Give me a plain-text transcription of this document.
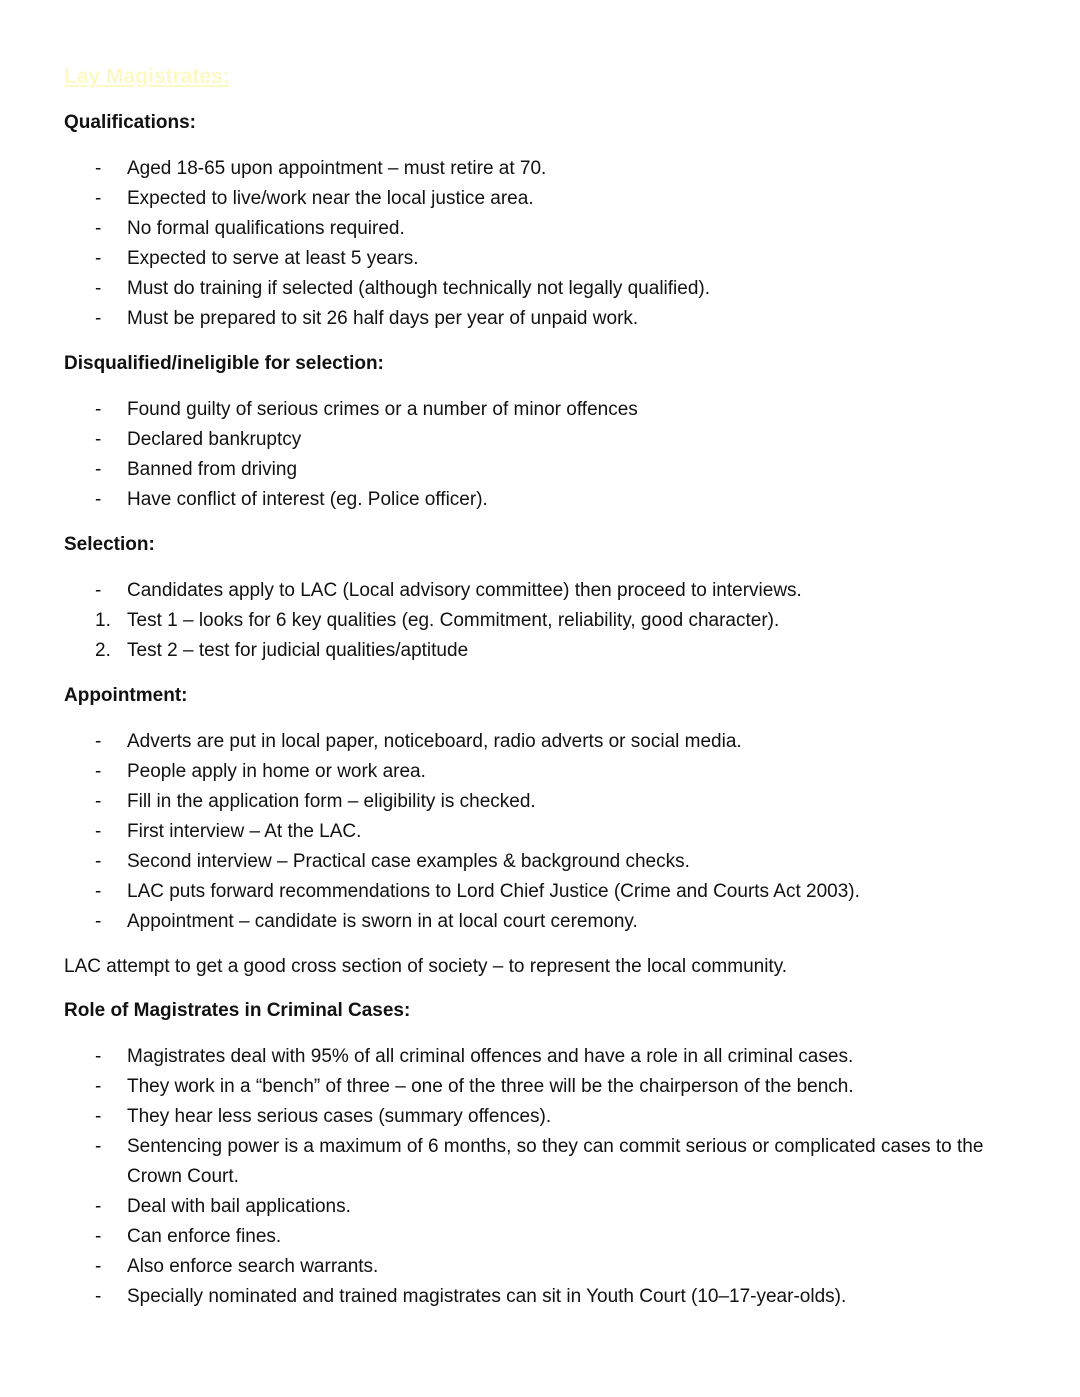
Lay Magistrates:
Qualifications:
-	Aged 18-65 upon appointment – must retire at 70.
-	Expected to live/work near the local justice area.
-	No formal qualifications required.
-	Expected to serve at least 5 years.
-	Must do training if selected (although technically not legally qualified).
-	Must be prepared to sit 26 half days per year of unpaid work.
Disqualified/ineligible for selection:
-	Found guilty of serious crimes or a number of minor offences
-	Declared bankruptcy
-	Banned from driving
-	Have conflict of interest (eg. Police officer).
Selection:
-	Candidates apply to LAC (Local advisory committee) then proceed to interviews.
1. Test 1 – looks for 6 key qualities (eg. Commitment, reliability, good character).
2. Test 2 – test for judicial qualities/aptitude
Appointment:
-	Adverts are put in local paper, noticeboard, radio adverts or social media.
-	People apply in home or work area.
-	Fill in the application form – eligibility is checked.
-	First interview – At the LAC.
-	Second interview – Practical case examples & background checks.
-	LAC puts forward recommendations to Lord Chief Justice (Crime and Courts Act 2003).
-	Appointment – candidate is sworn in at local court ceremony.
LAC attempt to get a good cross section of society – to represent the local community.
Role of Magistrates in Criminal Cases:
-	Magistrates deal with 95% of all criminal offences and have a role in all criminal cases.
-	They work in a “bench” of three – one of the three will be the chairperson of the bench.
-	They hear less serious cases (summary offences).
-	Sentencing power is a maximum of 6 months, so they can commit serious or complicated cases to the Crown Court.
-	Deal with bail applications.
-	Can enforce fines.
-	Also enforce search warrants.
-	Specially nominated and trained magistrates can sit in Youth Court (10–17-year-olds).
